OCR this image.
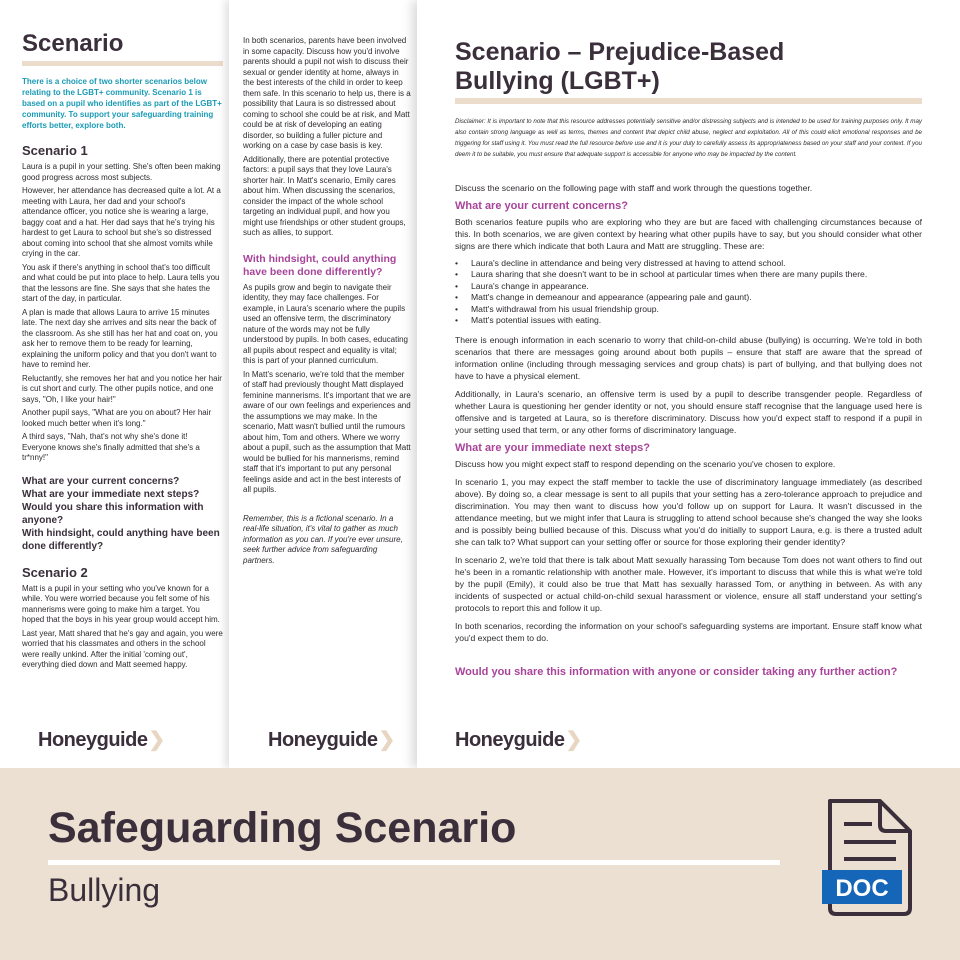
Scenario

There is a choice of two shorter scenarios below relating to the LGBT+ community. Scenario 1 is based on a pupil who identifies as part of the LGBT+ community. To support your safeguarding training efforts better, explore both.

Scenario 1

Laura is a pupil in your setting. She's often been making good progress across most subjects.

However, her attendance has decreased quite a lot. At a meeting with Laura, her dad and your school's attendance officer, you notice she is wearing a large, baggy coat and a hat. Her dad says that he's trying his hardest to get Laura to school but she's so distressed about coming into school that she almost vomits while crying in the car.

You ask if there's anything in school that's too difficult and what could be put into place to help. Laura tells you that the lessons are fine. She says that she hates the start of the day, in particular.

A plan is made that allows Laura to arrive 15 minutes late. The next day she arrives and sits near the back of the classroom. As she still has her hat and coat on, you ask her to remove them to be ready for learning, explaining the uniform policy and that you don't want to have to remind her.

Reluctantly, she removes her hat and you notice her hair is cut short and curly. The other pupils notice, and one says, "Oh, I like your hair!"

Another pupil says, "What are you on about? Her hair looked much better when it's long."

A third says, "Nah, that's not why she's done it! Everyone knows she's finally admitted that she's a tr*nny!"

What are your current concerns?
What are your immediate next steps?
Would you share this information with anyone?
With hindsight, could anything have been done differently?
Scenario 2

Matt is a pupil in your setting who you've known for a while. You were worried because you felt some of his mannerisms were going to make him a target. You hoped that the boys in his year group would accept him.

Last year, Matt shared that he's gay and again, you were worried that his classmates and others in the school were really unkind. After the initial 'coming out', everything died down and Matt seemed happy.

Honeyguide❯

In both scenarios, parents have been involved in some capacity. Discuss how you'd involve parents should a pupil not wish to discuss their sexual or gender identity at home, always in the best interests of the child in order to keep them safe. In this scenario to help us, there is a possibility that Laura is so distressed about coming to school she could be at risk, and Matt could be at risk of developing an eating disorder, so building a fuller picture and working on a case by case basis is key.

Additionally, there are potential protective factors: a pupil says that they love Laura's shorter hair. In Matt's scenario, Emily cares about him. When discussing the scenarios, consider the impact of the whole school targeting an individual pupil, and how you might use friendships or other student groups, such as allies, to support.

With hindsight, could anything have been done differently?

As pupils grow and begin to navigate their identity, they may face challenges. For example, in Laura's scenario where the pupils used an offensive term, the discriminatory nature of the words may not be fully understood by pupils. In both cases, educating all pupils about respect and equality is vital; this is part of your planned curriculum.

In Matt's scenario, we're told that the member of staff had previously thought Matt displayed feminine mannerisms. It's important that we are aware of our own feelings and experiences and the assumptions we may make. In the scenario, Matt wasn't bullied until the rumours about him, Tom and others. Where we worry about a pupil, such as the assumption that Matt would be bullied for his mannerisms, remind staff that it's important to put any personal feelings aside and act in the best interests of all pupils.

Remember, this is a fictional scenario. In a real-life situation, it's vital to gather as much information as you can. If you're ever unsure, seek further advice from safeguarding partners.

Honeyguide❯
Scenario – Prejudice-Based Bullying (LGBT+)

Disclaimer: It is important to note that this resource addresses potentially sensitive and/or distressing subjects and is intended to be used for training purposes only. It may also contain strong language as well as terms, themes and content that depict child abuse, neglect and exploitation. All of this could elicit emotional responses and be triggering for staff using it. You must read the full resource before use and it is your duty to carefully assess its appropriateness based on your staff and your context. If you deem it to be suitable, you must ensure that adequate support is accessible for anyone who may be impacted by the content.

Discuss the scenario on the following page with staff and work through the questions together.

What are your current concerns?

Both scenarios feature pupils who are exploring who they are but are faced with challenging circumstances because of this. In both scenarios, we are given context by hearing what other pupils have to say, but you should consider what other signs are there which indicate that both Laura and Matt are struggling. These are:

• Laura's decline in attendance and being very distressed at having to attend school.
• Laura sharing that she doesn't want to be in school at particular times when there are many pupils there.
• Laura's change in appearance.
• Matt's change in demeanour and appearance (appearing pale and gaunt).
• Matt's withdrawal from his usual friendship group.
• Matt's potential issues with eating.

There is enough information in each scenario to worry that child-on-child abuse (bullying) is occurring. We're told in both scenarios that there are messages going around about both pupils – ensure that staff are aware that the spread of information online (including through messaging services and group chats) is part of bullying, and that bullying does not have to have a physical element.

Additionally, in Laura's scenario, an offensive term is used by a pupil to describe transgender people. Regardless of whether Laura is questioning her gender identity or not, you should ensure staff recognise that the language used here is offensive and is targeted at Laura, so is therefore discriminatory. Discuss how you'd expect staff to respond if a pupil in your setting used that term, or any other forms of discriminatory language.

What are your immediate next steps?

Discuss how you might expect staff to respond depending on the scenario you've chosen to explore.

In scenario 1, you may expect the staff member to tackle the use of discriminatory language immediately (as described above). By doing so, a clear message is sent to all pupils that your setting has a zero-tolerance approach to prejudice and discrimination. You may then want to discuss how you'd follow up on support for Laura. It wasn't discussed in the attendance meeting, but we might infer that Laura is struggling to attend school because she's changed the way she looks and is possibly being bullied because of this. Discuss what you'd do initially to support Laura, e.g. is there a trusted adult she can talk to? What support can your setting offer or source for those exploring their gender identity?

In scenario 2, we're told that there is talk about Matt sexually harassing Tom because Tom does not want others to find out he's been in a romantic relationship with another male. However, it's important to discuss that while this is what we're told by the pupil (Emily), it could also be true that Matt has sexually harassed Tom, or anything in between. As with any incidents of suspected or actual child-on-child sexual harassment or violence, ensure all staff understand your setting's protocols to report this and follow it up.

In both scenarios, recording the information on your school's safeguarding systems are important. Ensure staff know what you'd expect them to do.

Would you share this information with anyone or consider taking any further action?
Honeyguide❯
Safeguarding Scenario
Bullying	DOC
